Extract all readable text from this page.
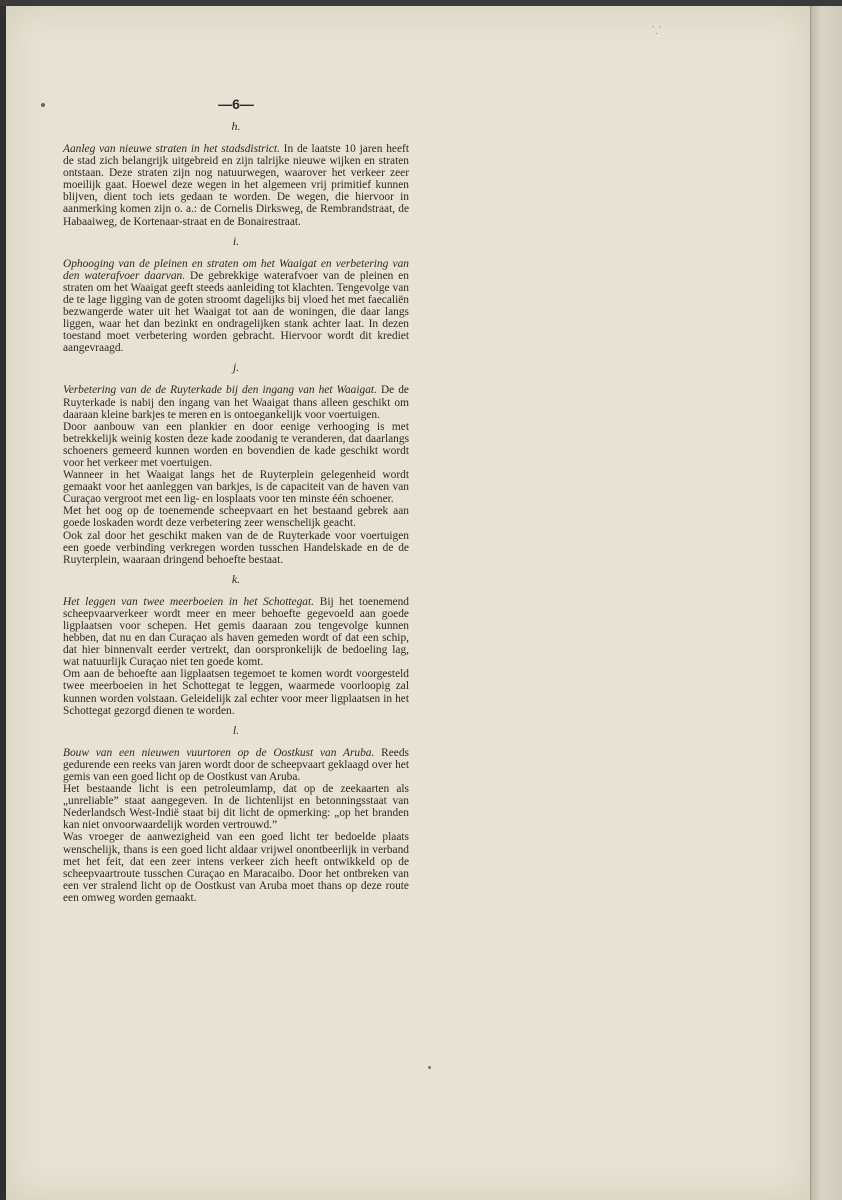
⸪
—6—
h.

Aanleg van nieuwe straten in het stadsdistrict. In de laatste 10 jaren heeft de stad zich belangrijk uitgebreid en zijn talrijke nieuwe wijken en straten ontstaan. Deze straten zijn nog natuurwegen, waarover het verkeer zeer moeilijk gaat. Hoewel deze wegen in het algemeen vrij primitief kunnen blijven, dient toch iets gedaan te worden. De wegen, die hiervoor in aanmerking komen zijn o. a.: de Cornelis Dirksweg, de Rembrandstraat, de Habaaiweg, de Kortenaar-straat en de Bonairestraat.

i.

Ophooging van de pleinen en straten om het Waaigat en verbetering van den waterafvoer daarvan. De gebrekkige waterafvoer van de pleinen en straten om het Waaigat geeft steeds aanleiding tot klachten. Tengevolge van de te lage ligging van de goten stroomt dagelijks bij vloed het met faecaliën bezwangerde water uit het Waaigat tot aan de woningen, die daar langs liggen, waar het dan bezinkt en ondragelijken stank achter laat. In dezen toestand moet verbetering worden gebracht. Hiervoor wordt dit krediet aangevraagd.

j.

Verbetering van de de Ruyterkade bij den ingang van het Waaigat. De de Ruyterkade is nabij den ingang van het Waaigat thans alleen geschikt om daaraan kleine barkjes te meren en is ontoegankelijk voor voertuigen.

Door aanbouw van een plankier en door eenige verhooging is met betrekkelijk weinig kosten deze kade zoodanig te veranderen, dat daarlangs schoeners gemeerd kunnen worden en bovendien de kade geschikt wordt voor het verkeer met voertuigen.

Wanneer in het Waaigat langs het de Ruyterplein gelegenheid wordt gemaakt voor het aanleggen van barkjes, is de capaciteit van de haven van Curaçao vergroot met een lig- en losplaats voor ten minste één schoener.

Met het oog op de toenemende scheepvaart en het bestaand gebrek aan goede loskaden wordt deze verbetering zeer wenschelijk geacht.

Ook zal door het geschikt maken van de de Ruyterkade voor voertuigen een goede verbinding verkregen worden tusschen Handelskade en de de Ruyterplein, waaraan dringend behoefte bestaat.

k.

Het leggen van twee meerboeien in het Schottegat. Bij het toenemend scheepvaarverkeer wordt meer en meer behoefte gegevoeld aan goede ligplaatsen voor schepen. Het gemis daaraan zou tengevolge kunnen hebben, dat nu en dan Curaçao als haven gemeden wordt of dat een schip, dat hier binnenvalt eerder vertrekt, dan oorspronkelijk de bedoeling lag, wat natuurlijk Curaçao niet ten goede komt.

Om aan de behoefte aan ligplaatsen tegemoet te komen wordt voorgesteld twee meerboeien in het Schottegat te leggen, waarmede voorloopig zal kunnen worden volstaan. Geleidelijk zal echter voor meer ligplaatsen in het Schottegat gezorgd dienen te worden.

l.

Bouw van een nieuwen vuurtoren op de Oostkust van Aruba. Reeds gedurende een reeks van jaren wordt door de scheepvaart geklaagd over het gemis van een goed licht op de Oostkust van Aruba.

Het bestaande licht is een petroleumlamp, dat op de zeekaarten als „unreliable” staat aangegeven. In de lichtenlijst en betonningsstaat van Nederlandsch West-Indië staat bij dit licht de opmerking: „op het branden kan niet onvoorwaardelijk worden vertrouwd.”

Was vroeger de aanwezigheid van een goed licht ter bedoelde plaats wenschelijk, thans is een goed licht aldaar vrijwel onontbeerlijk in verband met het feit, dat een zeer intens verkeer zich heeft ontwikkeld op de scheepvaartroute tusschen Curaçao en Maracaibo. Door het ontbreken van een ver stralend licht op de Oostkust van Aruba moet thans op deze route een omweg worden gemaakt.
